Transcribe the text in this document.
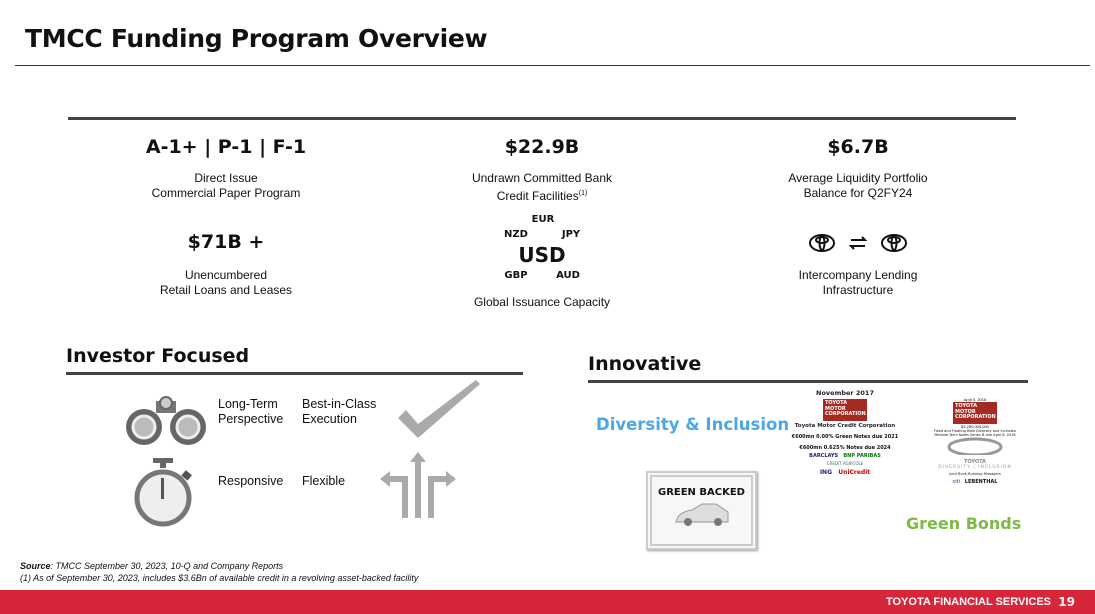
TMCC Funding Program Overview
A-1+ | P-1 | F-1
Direct Issue
Commercial Paper Program
$71B +
Unencumbered
Retail Loans and Leases
$22.9B
Undrawn Committed Bank
Credit Facilities$^{(1)}$
EUR
NZD	JPY
USD
GBP	AUD
Global Issuance Capacity
$6.7B
Average Liquidity Portfolio
Balance for Q2FY24
Intercompany Lending
Infrastructure
Investor Focused
Long-Term
Perspective
Best-in-Class
Execution
Responsive Flexible
Innovative
Diversity & Inclusion
GREEN BACKED
November 2017
TOYOTA
MOTOR
CORPORATION
Toyota Motor Credit Corporation
€600mn 0.00% Green Notes due 2021
€600mn 0.625% Notes due 2024
BARCLAYS BNP PARIBAS
CREDIT AGRICOLE
ING UniCredit
April 5, 2018
TOYOTA
MOTOR
CORPORATION
$1,250,000,000
Fixed and Floating Rate Diversity and Inclusion Medium-Term Notes Series B due April 6, 2018
TOYOTA
DIVERSITY | INCLUSION
Joint Book-Running Managers
citi LEBENTHAL
Green Bonds
Source: TMCC September 30, 2023, 10-Q and Company Reports
(1) As of September 30, 2023, includes $3.6Bn of available credit in a revolving asset-backed facility
TOYOTA FINANCIAL SERVICES 19
